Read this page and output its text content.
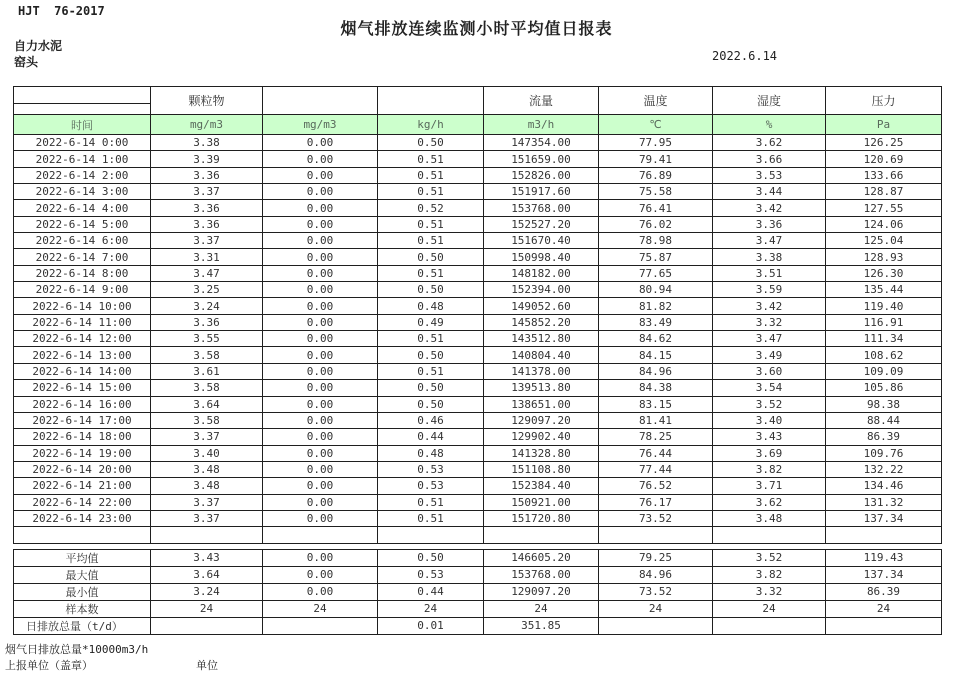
HJT  76-2017
烟气排放连续监测小时平均值日报表
自力水泥
窑头	2022.6.14
	颗粒物			流量	温度	湿度	压力

时间	mg/m3	mg/m3	kg/h	m3/h	℃	%	Pa
2022-6-14 0:00	3.38	0.00	0.50	147354.00	77.95	3.62	126.25
2022-6-14 1:00	3.39	0.00	0.51	151659.00	79.41	3.66	120.69
2022-6-14 2:00	3.36	0.00	0.51	152826.00	76.89	3.53	133.66
2022-6-14 3:00	3.37	0.00	0.51	151917.60	75.58	3.44	128.87
2022-6-14 4:00	3.36	0.00	0.52	153768.00	76.41	3.42	127.55
2022-6-14 5:00	3.36	0.00	0.51	152527.20	76.02	3.36	124.06
2022-6-14 6:00	3.37	0.00	0.51	151670.40	78.98	3.47	125.04
2022-6-14 7:00	3.31	0.00	0.50	150998.40	75.87	3.38	128.93
2022-6-14 8:00	3.47	0.00	0.51	148182.00	77.65	3.51	126.30
2022-6-14 9:00	3.25	0.00	0.50	152394.00	80.94	3.59	135.44
2022-6-14 10:00	3.24	0.00	0.48	149052.60	81.82	3.42	119.40
2022-6-14 11:00	3.36	0.00	0.49	145852.20	83.49	3.32	116.91
2022-6-14 12:00	3.55	0.00	0.51	143512.80	84.62	3.47	111.34
2022-6-14 13:00	3.58	0.00	0.50	140804.40	84.15	3.49	108.62
2022-6-14 14:00	3.61	0.00	0.51	141378.00	84.96	3.60	109.09
2022-6-14 15:00	3.58	0.00	0.50	139513.80	84.38	3.54	105.86
2022-6-14 16:00	3.64	0.00	0.50	138651.00	83.15	3.52	98.38
2022-6-14 17:00	3.58	0.00	0.46	129097.20	81.41	3.40	88.44
2022-6-14 18:00	3.37	0.00	0.44	129902.40	78.25	3.43	86.39
2022-6-14 19:00	3.40	0.00	0.48	141328.80	76.44	3.69	109.76
2022-6-14 20:00	3.48	0.00	0.53	151108.80	77.44	3.82	132.22
2022-6-14 21:00	3.48	0.00	0.53	152384.40	76.52	3.71	134.46
2022-6-14 22:00	3.37	0.00	0.51	150921.00	76.17	3.62	131.32
2022-6-14 23:00	3.37	0.00	0.51	151720.80	73.52	3.48	137.34

平均值	3.43	0.00	0.50	146605.20	79.25	3.52	119.43
最大值	3.64	0.00	0.53	153768.00	84.96	3.82	137.34
最小值	3.24	0.00	0.44	129097.20	73.52	3.32	86.39
样本数	24	24	24	24	24	24	24
日排放总量（t/d）			0.01	351.85			
烟气日排放总量*10000m3/h
上报单位（盖章）	单位
